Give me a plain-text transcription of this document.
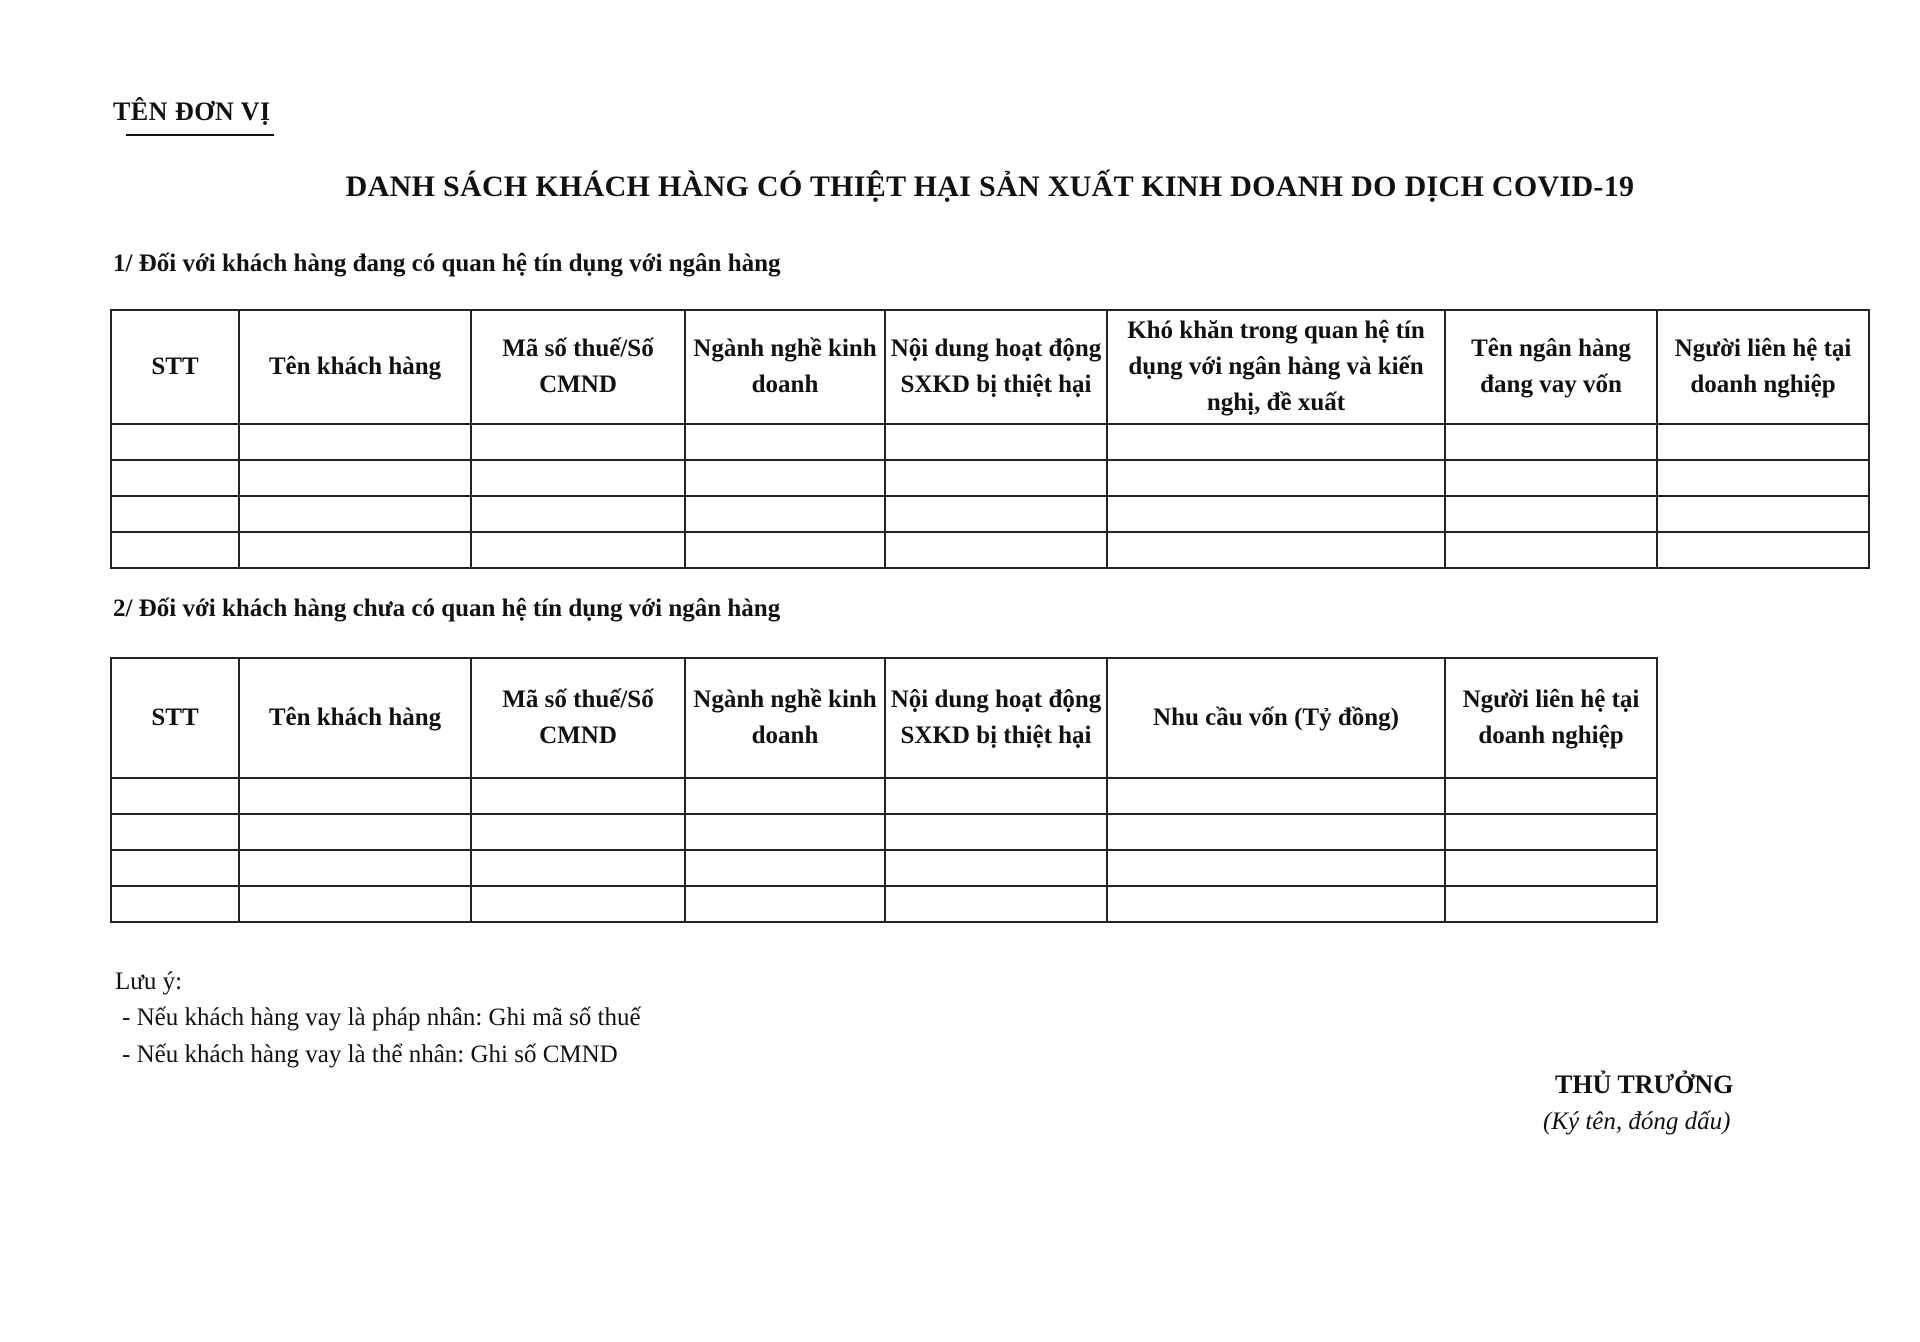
TÊN ĐƠN VỊ
DANH SÁCH KHÁCH HÀNG CÓ THIỆT HẠI SẢN XUẤT KINH DOANH DO DỊCH COVID-19
1/ Đối với khách hàng đang có quan hệ tín dụng với ngân hàng
STT	Tên khách hàng	Mã số thuế/Số CMND	Ngành nghề kinh doanh	Nội dung hoạt động SXKD bị thiệt hại	Khó khăn trong quan hệ tín dụng với ngân hàng và kiến nghị, đề xuất	Tên ngân hàng đang vay vốn	Người liên hệ tại doanh nghiệp

2/ Đối với khách hàng chưa có quan hệ tín dụng với ngân hàng
STT	Tên khách hàng	Mã số thuế/Số CMND	Ngành nghề kinh doanh	Nội dung hoạt động SXKD bị thiệt hại	Nhu cầu vốn (Tỷ đồng)	Người liên hệ tại doanh nghiệp

Lưu ý:
- Nếu khách hàng vay là pháp nhân: Ghi mã số thuế
- Nếu khách hàng vay là thể nhân: Ghi số CMND
THỦ TRƯỞNG
(Ký tên, đóng dấu)
